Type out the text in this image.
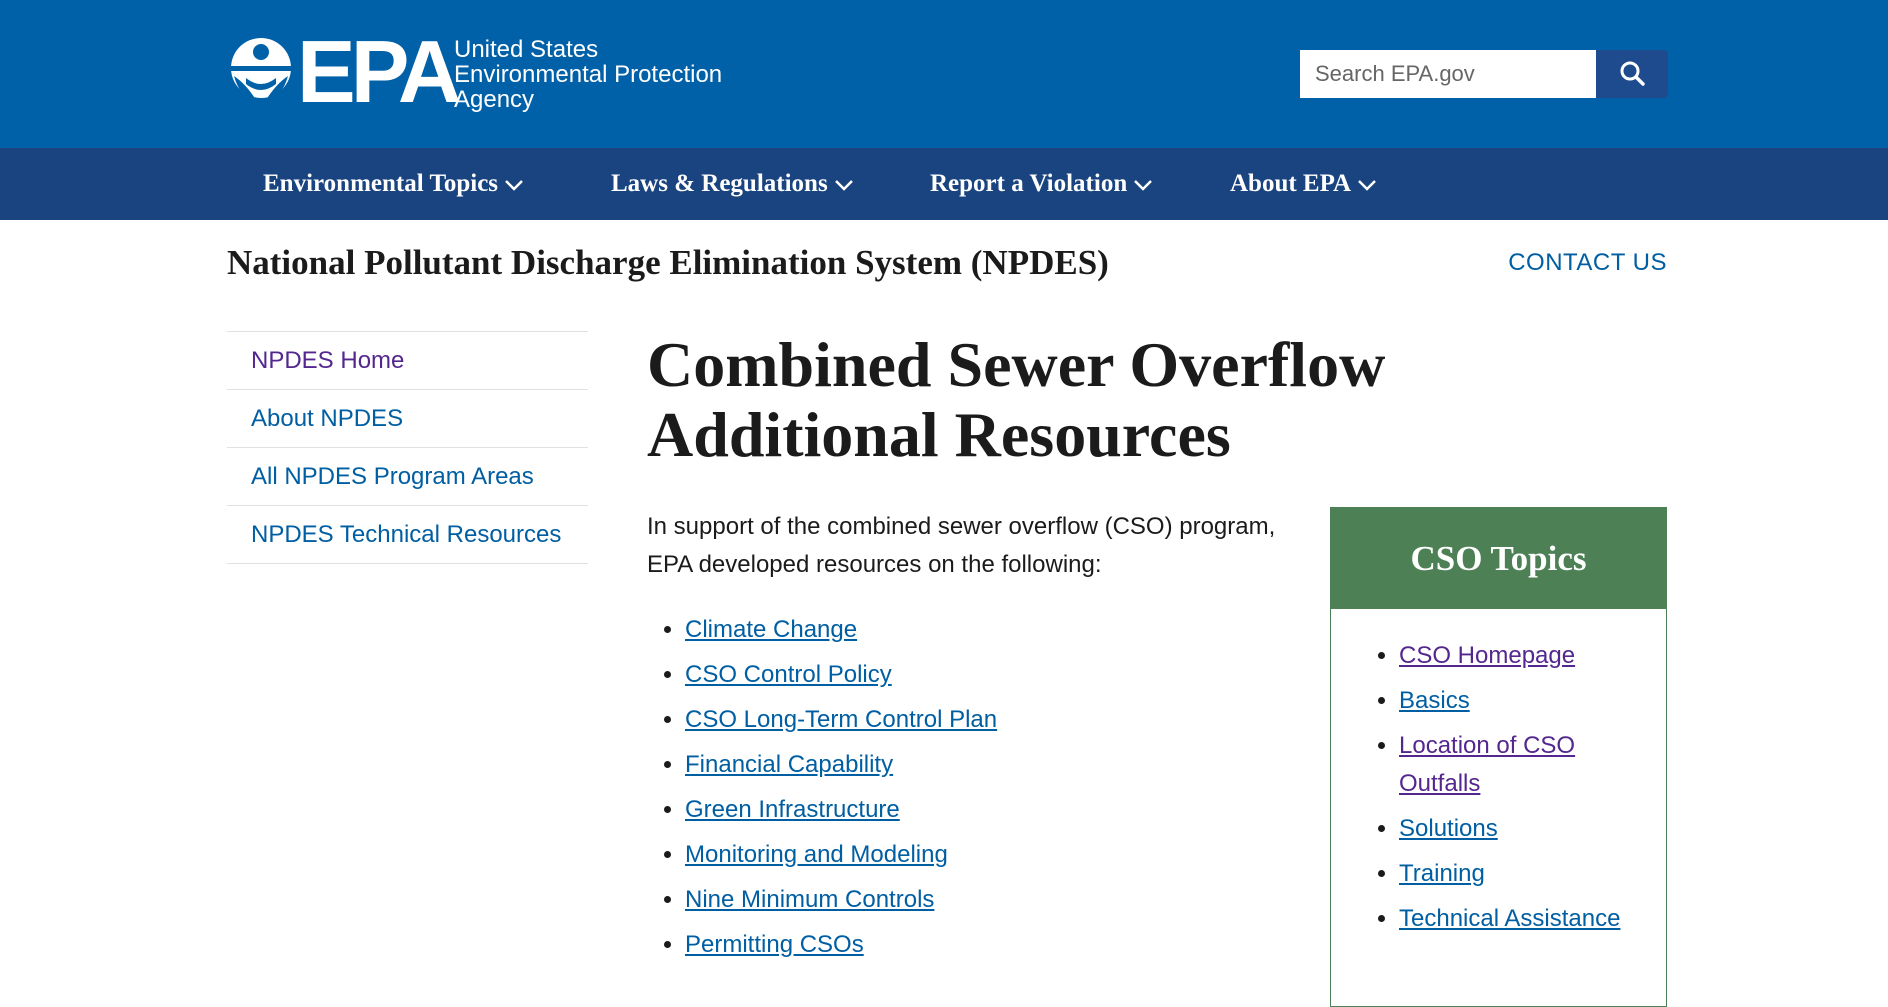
EPA
United States
Environmental Protection
Agency
Search EPA.gov
Environmental Topics	Laws & Regulations	Report a Violation	About EPA
National Pollutant Discharge Elimination System (NPDES)	CONTACT US
NPDES Home
About NPDES
All NPDES Program Areas
NPDES Technical Resources
Combined Sewer Overflow
Additional Resources

In support of the combined sewer overflow (CSO) program, EPA developed resources on the following:

• Climate Change
• CSO Control Policy
• CSO Long-Term Control Plan
• Financial Capability
• Green Infrastructure
• Monitoring and Modeling
• Nine Minimum Controls
• Permitting CSOs
CSO Topics
• CSO Homepage
• Basics
• Location of CSO Outfalls
• Solutions
• Training
• Technical Assistance
